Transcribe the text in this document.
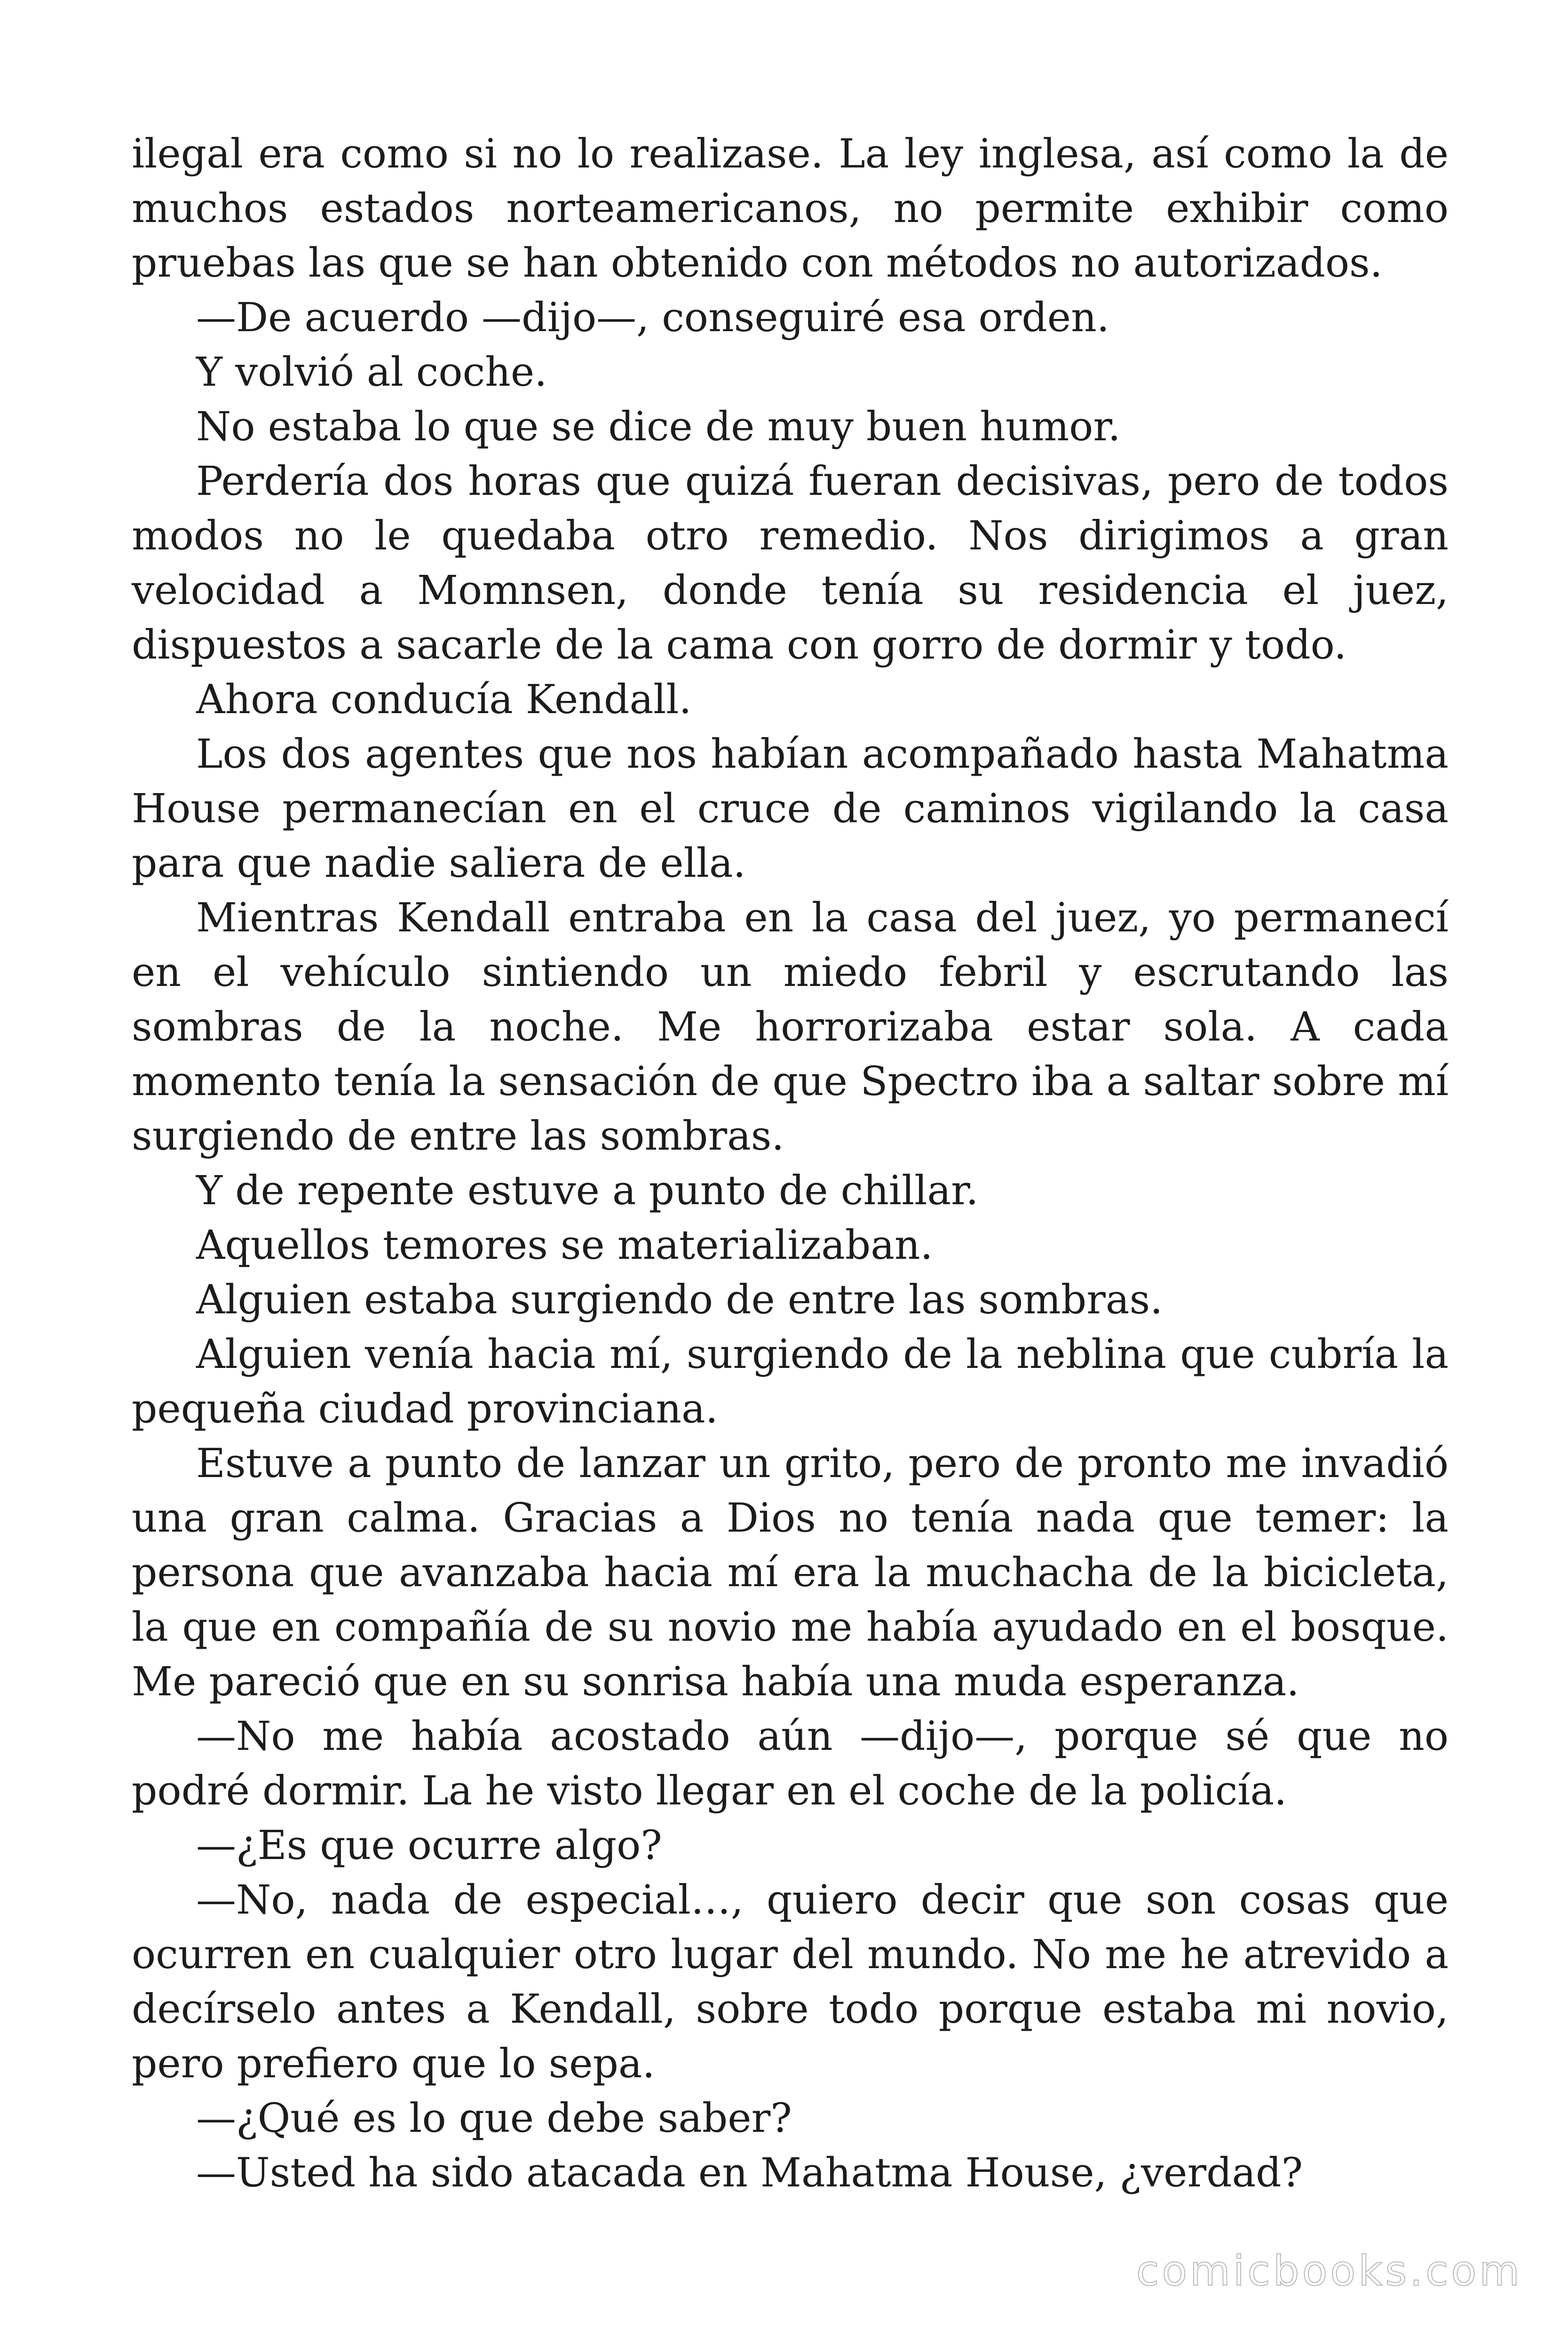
ilegal era como si no lo realizase. La ley inglesa, así como la de muchos estados norteamericanos, no permite exhibir como pruebas las que se han obtenido con métodos no autorizados.

—De acuerdo —dijo—, conseguiré esa orden.

Y volvió al coche.

No estaba lo que se dice de muy buen humor.

Perdería dos horas que quizá fueran decisivas, pero de todos modos no le quedaba otro remedio. Nos dirigimos a gran velocidad a Momnsen, donde tenía su residencia el juez, dispuestos a sacarle de la cama con gorro de dormir y todo.

Ahora conducía Kendall.

Los dos agentes que nos habían acompañado hasta Mahatma House permanecían en el cruce de caminos vigilando la casa para que nadie saliera de ella.

Mientras Kendall entraba en la casa del juez, yo permanecí en el vehículo sintiendo un miedo febril y escrutando las sombras de la noche. Me horrorizaba estar sola. A cada momento tenía la sensación de que Spectro iba a saltar sobre mí surgiendo de entre las sombras.

Y de repente estuve a punto de chillar.

Aquellos temores se materializaban.

Alguien estaba surgiendo de entre las sombras.

Alguien venía hacia mí, surgiendo de la neblina que cubría la pequeña ciudad provinciana.

Estuve a punto de lanzar un grito, pero de pronto me invadió una gran calma. Gracias a Dios no tenía nada que temer: la persona que avanzaba hacia mí era la muchacha de la bicicleta, la que en compañía de su novio me había ayudado en el bosque. Me pareció que en su sonrisa había una muda esperanza.

—No me había acostado aún —dijo—, porque sé que no podré dormir. La he visto llegar en el coche de la policía.

—¿Es que ocurre algo?

—No, nada de especial…, quiero decir que son cosas que ocurren en cualquier otro lugar del mundo. No me he atrevido a decírselo antes a Kendall, sobre todo porque estaba mi novio, pero prefiero que lo sepa.

—¿Qué es lo que debe saber?

—Usted ha sido atacada en Mahatma House, ¿verdad?

comicbooks.com
